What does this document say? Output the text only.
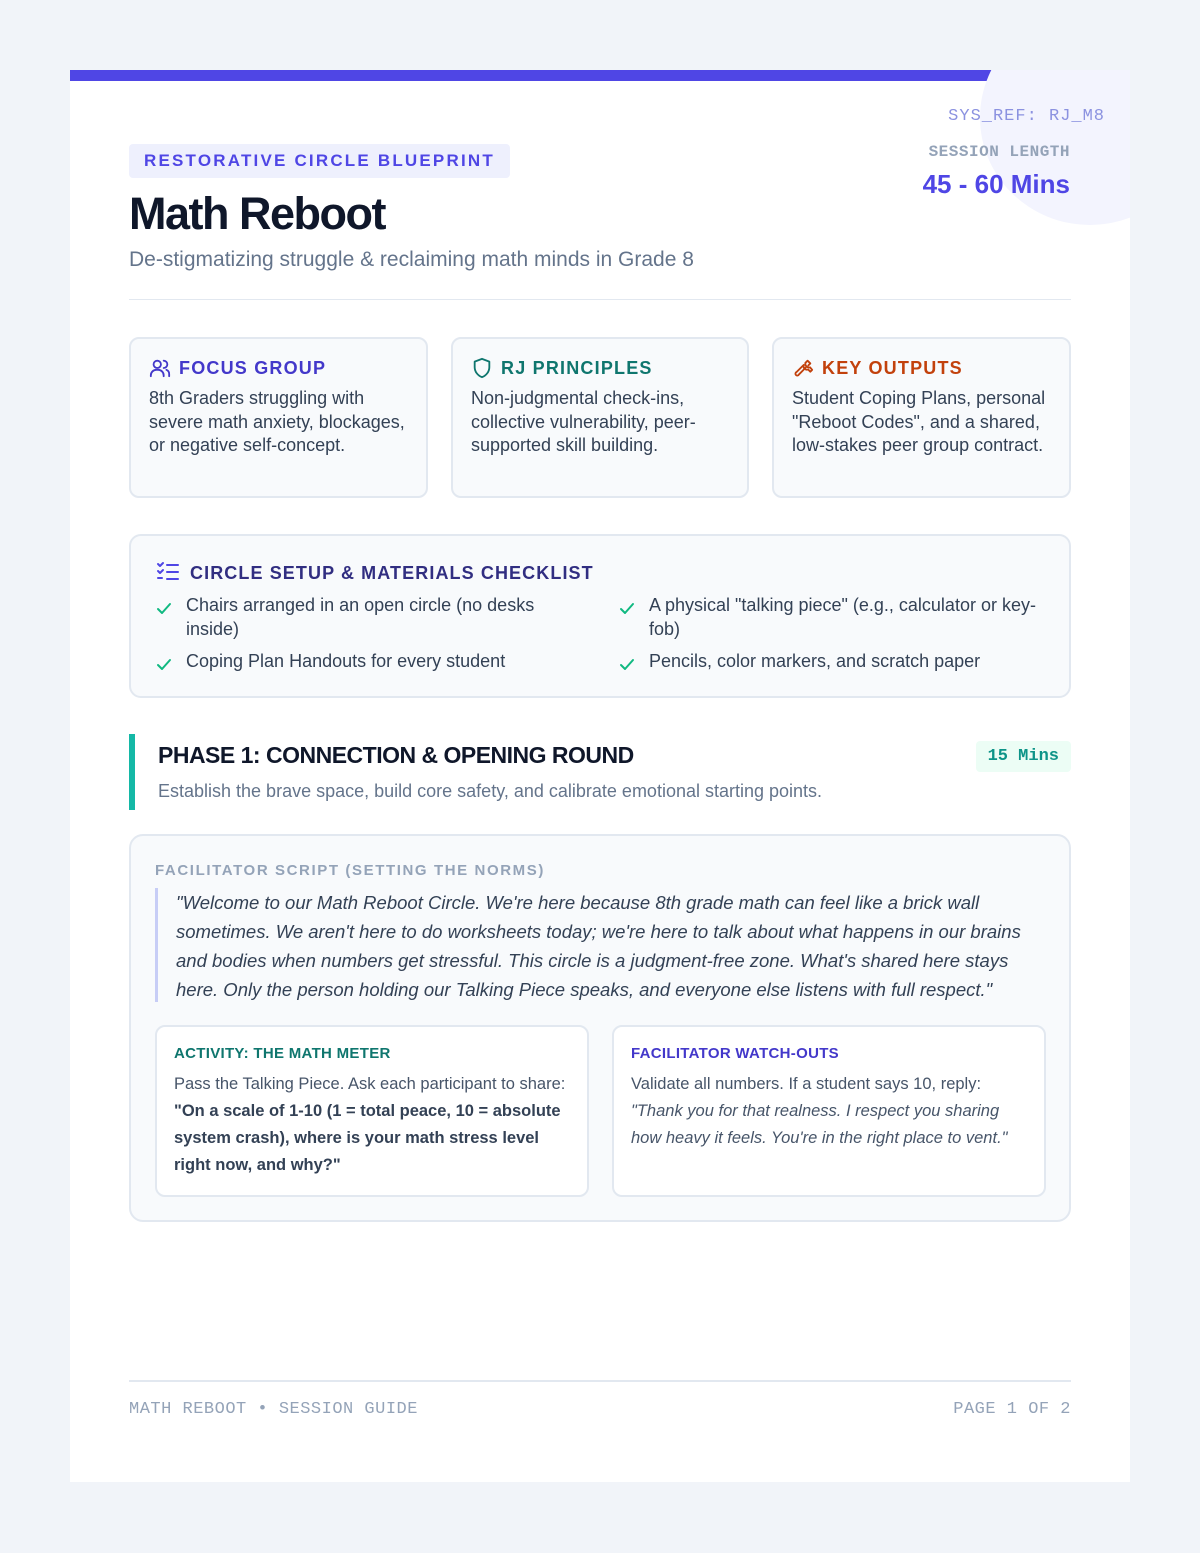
SYS_REF: RJ_M8
SESSION LENGTH
45 - 60 Mins
RESTORATIVE CIRCLE BLUEPRINT
Math Reboot
De-stigmatizing struggle & reclaiming math minds in Grade 8
FOCUS GROUP
8th Graders struggling with severe math anxiety, blockages, or negative self-concept.
RJ PRINCIPLES
Non-judgmental check-ins, collective vulnerability, peer-supported skill building.
KEY OUTPUTS
Student Coping Plans, personal "Reboot Codes", and a shared, low-stakes peer group contract.
CIRCLE SETUP & MATERIALS CHECKLIST
Chairs arranged in an open circle (no desks inside)
A physical "talking piece" (e.g., calculator or key-fob)
Coping Plan Handouts for every student	Pencils, color markers, and scratch paper
PHASE 1: CONNECTION & OPENING ROUND
Establish the brave space, build core safety, and calibrate emotional starting points.
15 Mins
FACILITATOR SCRIPT (SETTING THE NORMS)
"Welcome to our Math Reboot Circle. We're here because 8th grade math can feel like a brick wall sometimes. We aren't here to do worksheets today; we're here to talk about what happens in our brains and bodies when numbers get stressful. This circle is a judgment-free zone. What's shared here stays here. Only the person holding our Talking Piece speaks, and everyone else listens with full respect."
ACTIVITY: THE MATH METER
Pass the Talking Piece. Ask each participant to share: "On a scale of 1-10 (1 = total peace, 10 = absolute system crash), where is your math stress level right now, and why?"
FACILITATOR WATCH-OUTS
Validate all numbers. If a student says 10, reply: "Thank you for that realness. I respect you sharing how heavy it feels. You're in the right place to vent."
MATH REBOOT • SESSION GUIDE	PAGE 1 OF 2
